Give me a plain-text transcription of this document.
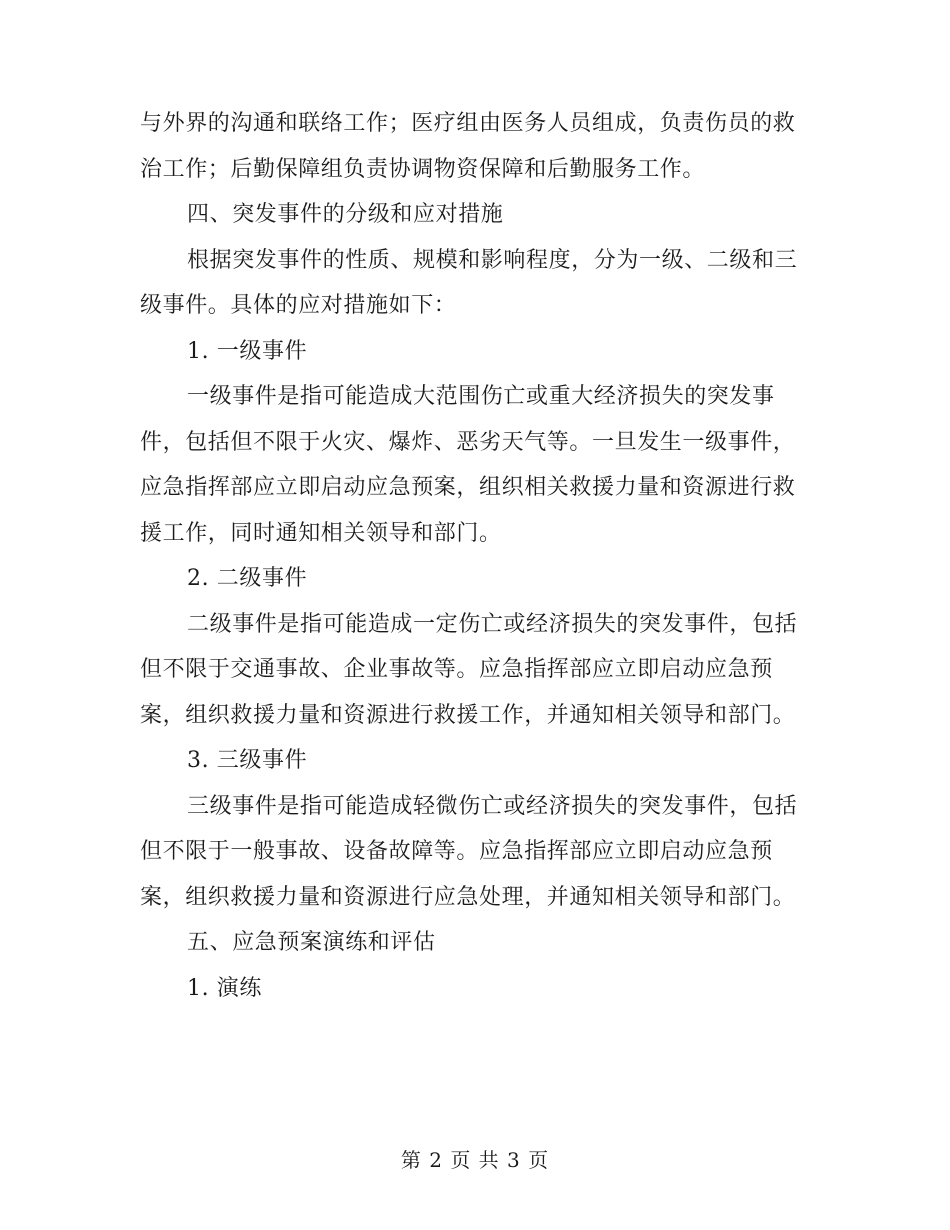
与外界的沟通和联络工作；医疗组由医务人员组成，负责伤员的救治工作；后勤保障组负责协调物资保障和后勤服务工作。

四、突发事件的分级和应对措施

根据突发事件的性质、规模和影响程度，分为一级、二级和三级事件。具体的应对措施如下：

1. 一级事件

一级事件是指可能造成大范围伤亡或重大经济损失的突发事件，包括但不限于火灾、爆炸、恶劣天气等。一旦发生一级事件，应急指挥部应立即启动应急预案，组织相关救援力量和资源进行救援工作，同时通知相关领导和部门。

2. 二级事件

二级事件是指可能造成一定伤亡或经济损失的突发事件，包括但不限于交通事故、企业事故等。应急指挥部应立即启动应急预案，组织救援力量和资源进行救援工作，并通知相关领导和部门。

3. 三级事件

三级事件是指可能造成轻微伤亡或经济损失的突发事件，包括但不限于一般事故、设备故障等。应急指挥部应立即启动应急预案，组织救援力量和资源进行应急处理，并通知相关领导和部门。

五、应急预案演练和评估

1. 演练

第 2 页 共 3 页
